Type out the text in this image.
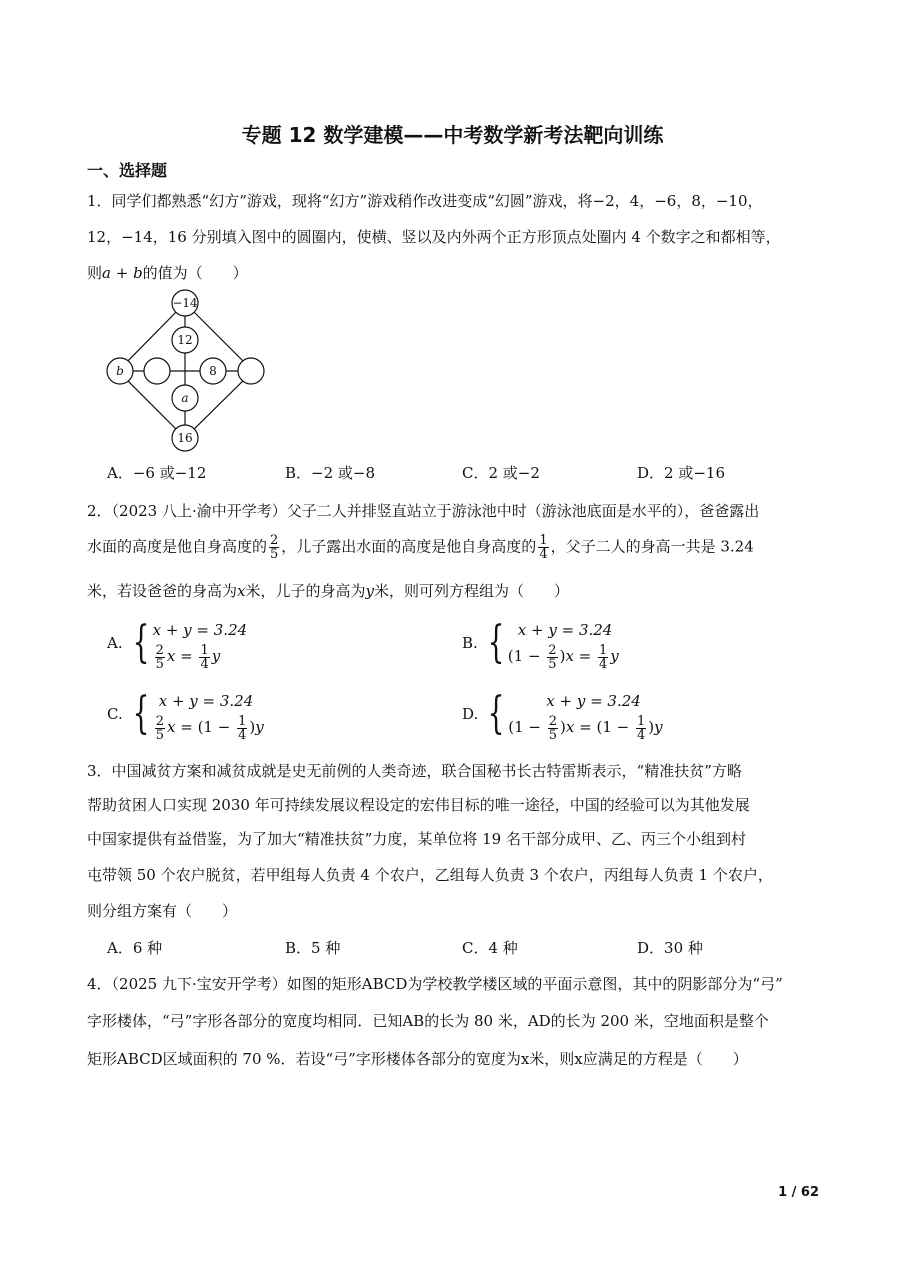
专题 12 数学建模——中考数学新考法靶向训练
一、选择题
1．同学们都熟悉“幻方”游戏，现将“幻方”游戏稍作改进变成“幻圆”游戏，将−2，4，−6，8，−10，
12，−14，16 分别填入图中的圆圈内，使横、竖以及内外两个正方形顶点处圈内 4 个数字之和都相等，
则a + b的值为（　　）
−14
12
b	8
a
16
A．−6 或−12	B．−2 或−8	C．2 或−2	D．2 或−16
2．（2023 八上·渝中开学考）父子二人并排竖直站立于游泳池中时（游泳池底面是水平的），爸爸露出
水面的高度是他自身高度的 $\frac{2}{5}$ ，儿子露出水面的高度是他自身高度的 $\frac{1}{4}$ ，父子二人的身高一共是 3.24
米，若设爸爸的身高为x米，儿子的身高为y米，则可列方程组为（　　）
A. { x + y = 3.24
$\frac{2}{5}$ $x = \frac{1}{4}$ y
B. { x + y = 3.24
$(1 - \frac{2}{5} )x = \frac{1}{4}$ y
C. { x + y = 3.24
$\frac{2}{5}$ $x = (1 - \frac{1}{4} )y$
D. {	x + y = 3.24
$(1 - \frac{2}{5} )x = (1 - \frac{1}{4} )y$
3．中国减贫方案和减贫成就是史无前例的人类奇迹，联合国秘书长古特雷斯表示，“精准扶贫”方略
帮助贫困人口实现 2030 年可持续发展议程设定的宏伟目标的唯一途径，中国的经验可以为其他发展
中国家提供有益借鉴，为了加大“精准扶贫”力度，某单位将 19 名干部分成甲、乙、丙三个小组到村
屯带领 50 个农户脱贫，若甲组每人负责 4 个农户，乙组每人负责 3 个农户，丙组每人负责 1 个农户，
则分组方案有（　　）
A．6 种	B．5 种	C．4 种	D．30 种
4．（2025 九下·宝安开学考）如图的矩形ABCD为学校教学楼区域的平面示意图，其中的阴影部分为“弓”
字形楼体，“弓”字形各部分的宽度均相同．已知AB的长为 80 米，AD的长为 200 米，空地面积是整个
矩形ABCD区域面积的 70 %．若设“弓”字形楼体各部分的宽度为x米，则x应满足的方程是（　　）
1 / 62
